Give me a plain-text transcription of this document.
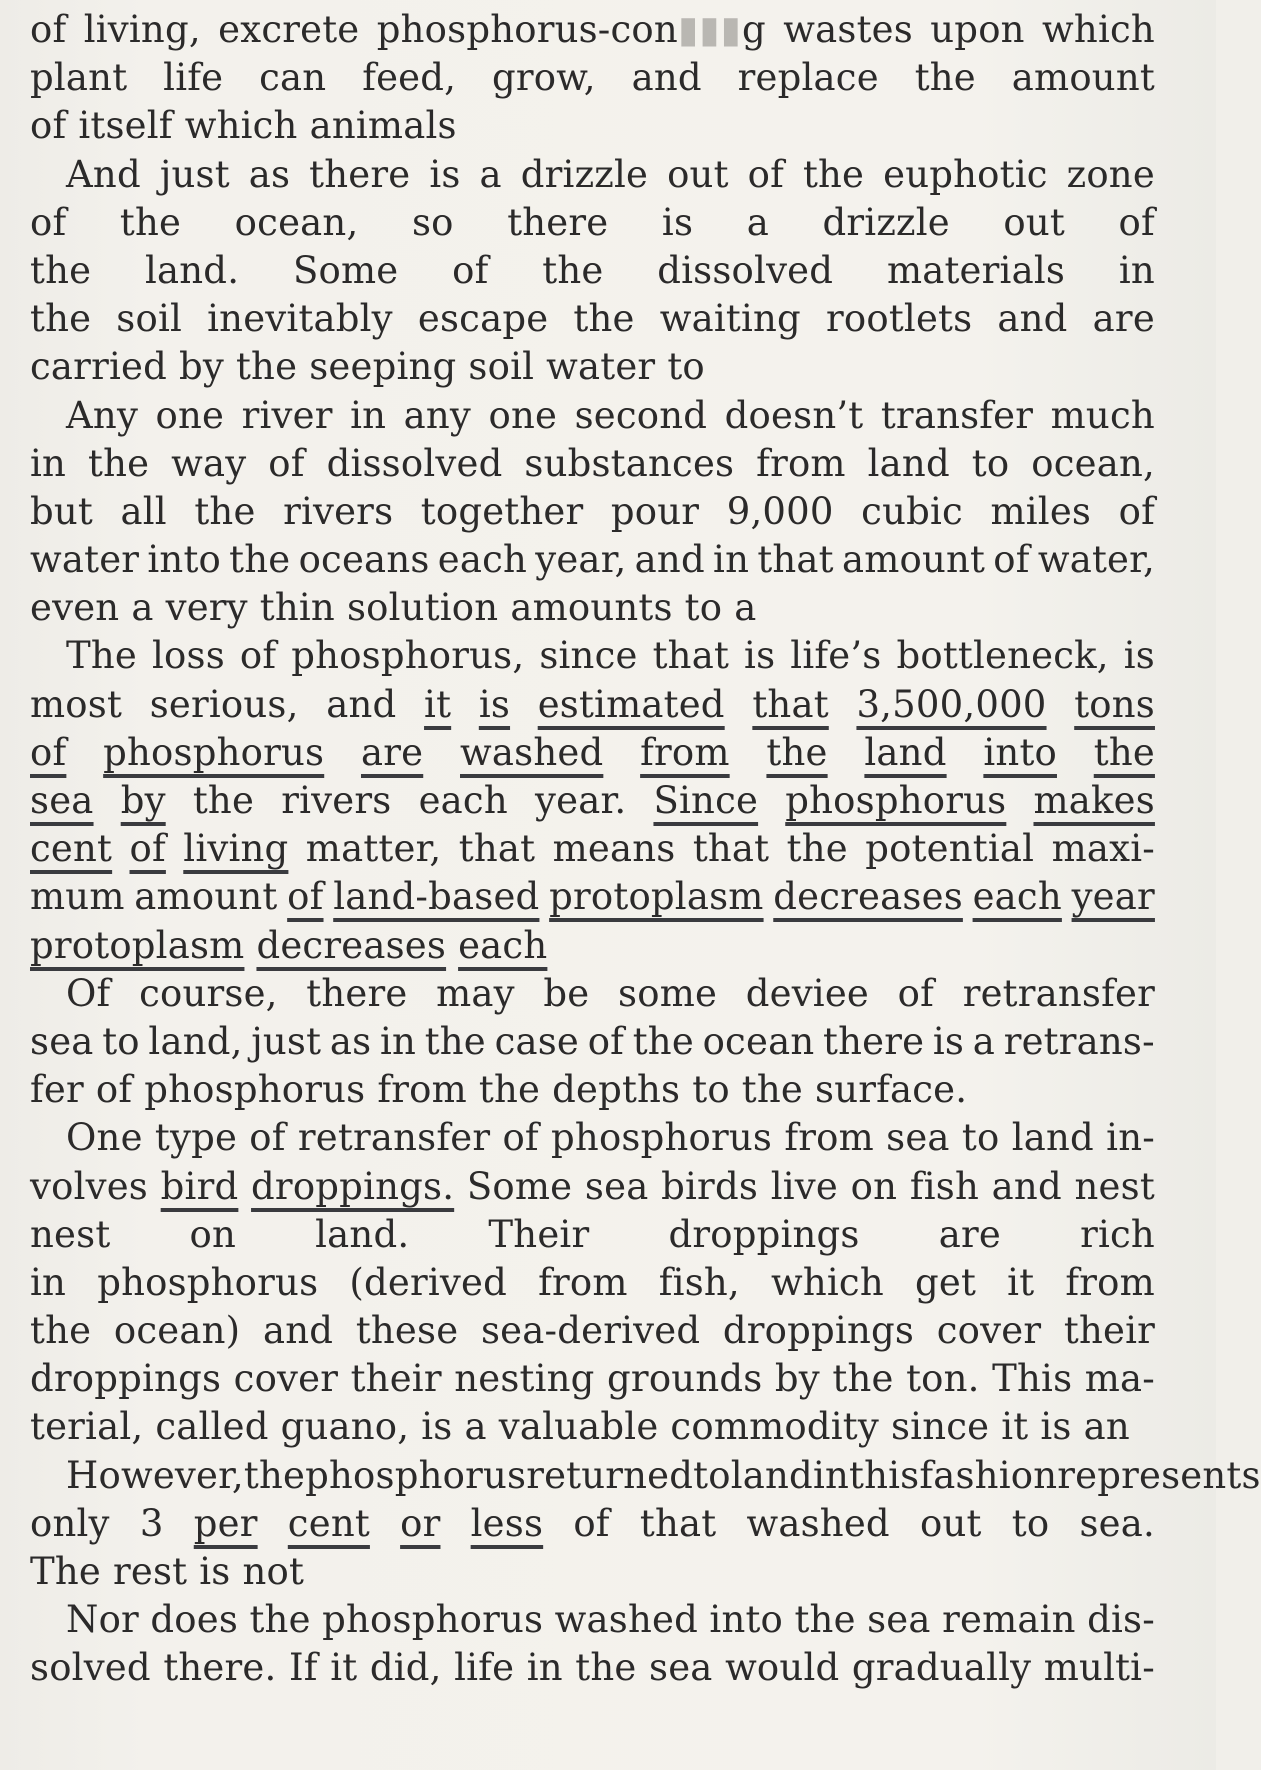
of living, excrete phosphorus-con▮▮▮g wastes upon which
plant life can feed, grow, and replace the amount
of itself which animals
And just as there is a drizzle out of the euphotic zone
of the ocean, so there is a drizzle out of
the land. Some of the dissolved materials in
the soil inevitably escape the waiting rootlets and are
carried by the seeping soil water to
Any one river in any one second doesn’t transfer much
in the way of dissolved substances from land to ocean,
but all the rivers together pour 9,000 cubic miles of
water into the oceans each year, and in that amount of water,
even a very thin solution amounts to a
The loss of phosphorus, since that is life’s bottleneck, is
most serious, and it is estimated that 3,500,000 tons
of phosphorus are washed from the land into the
sea by the rivers each year. Since phosphorus makes
cent of living matter, that means that the potential maxi-
mum amount of land-based protoplasm decreases each year
protoplasm decreases each
Of course, there may be some deviee of retransfer
sea to land, just as in the case of the ocean there is a retrans-
fer of phosphorus from the depths to the surface.
One type of retransfer of phosphorus from sea to land in-
volves bird droppings. Some sea birds live on fish and nest
nest on land. Their droppings are rich
in phosphorus (derived from fish, which get it from
the ocean) and these sea-derived droppings cover their
droppings cover their nesting grounds by the ton. This ma-
terial, called guano, is a valuable commodity since it is an
However, the phosphorus returned to land in this fashion represents
only 3 per cent or less of that washed out to sea.
The rest is not
Nor does the phosphorus washed into the sea remain dis-
solved there. If it did, life in the sea would gradually multi-
